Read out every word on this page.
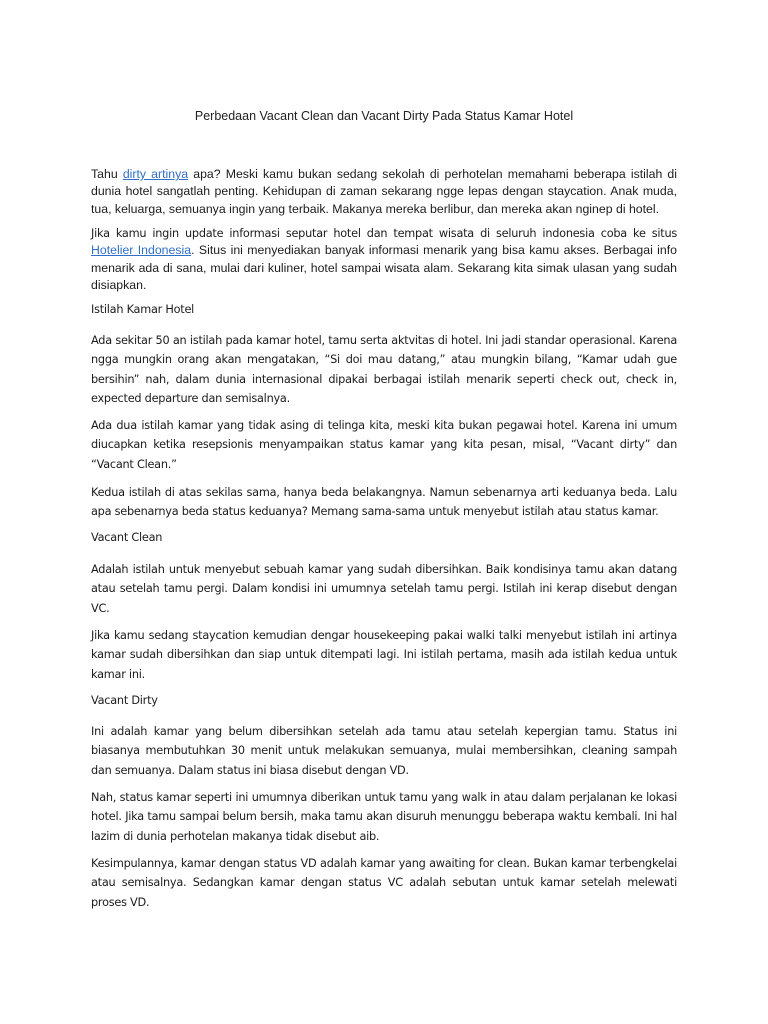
Perbedaan Vacant Clean dan Vacant Dirty Pada Status Kamar Hotel

Tahu dirty artinya apa? Meski kamu bukan sedang sekolah di perhotelan memahami beberapa istilah di dunia hotel sangatlah penting. Kehidupan di zaman sekarang ngge lepas dengan staycation. Anak muda, tua, keluarga, semuanya ingin yang terbaik. Makanya mereka berlibur, dan mereka akan nginep di hotel.

Jika kamu ingin update informasi seputar hotel dan tempat wisata di seluruh indonesia coba ke situs Hotelier Indonesia. Situs ini menyediakan banyak informasi menarik yang bisa kamu akses. Berbagai info menarik ada di sana, mulai dari kuliner, hotel sampai wisata alam. Sekarang kita simak ulasan yang sudah disiapkan.

Istilah Kamar Hotel

Ada sekitar 50 an istilah pada kamar hotel, tamu serta aktvitas di hotel. Ini jadi standar operasional. Karena ngga mungkin orang akan mengatakan, “Si doi mau datang,” atau mungkin bilang, “Kamar udah gue bersihin” nah, dalam dunia internasional dipakai berbagai istilah menarik seperti check out, check in, expected departure dan semisalnya.

Ada dua istilah kamar yang tidak asing di telinga kita, meski kita bukan pegawai hotel. Karena ini umum diucapkan ketika resepsionis menyampaikan status kamar yang kita pesan, misal, “Vacant dirty” dan “Vacant Clean.”

Kedua istilah di atas sekilas sama, hanya beda belakangnya. Namun sebenarnya arti keduanya beda. Lalu apa sebenarnya beda status keduanya? Memang sama-sama untuk menyebut istilah atau status kamar.

Vacant Clean

Adalah istilah untuk menyebut sebuah kamar yang sudah dibersihkan. Baik kondisinya tamu akan datang atau setelah tamu pergi. Dalam kondisi ini umumnya setelah tamu pergi. Istilah ini kerap disebut dengan VC.

Jika kamu sedang staycation kemudian dengar housekeeping pakai walki talki menyebut istilah ini artinya kamar sudah dibersihkan dan siap untuk ditempati lagi. Ini istilah pertama, masih ada istilah kedua untuk kamar ini.

Vacant Dirty

Ini adalah kamar yang belum dibersihkan setelah ada tamu atau setelah kepergian tamu. Status ini biasanya membutuhkan 30 menit untuk melakukan semuanya, mulai membersihkan, cleaning sampah dan semuanya. Dalam status ini biasa disebut dengan VD.

Nah, status kamar seperti ini umumnya diberikan untuk tamu yang walk in atau dalam perjalanan ke lokasi hotel. Jika tamu sampai belum bersih, maka tamu akan disuruh menunggu beberapa waktu kembali. Ini hal lazim di dunia perhotelan makanya tidak disebut aib.

Kesimpulannya, kamar dengan status VD adalah kamar yang awaiting for clean. Bukan kamar terbengkelai atau semisalnya. Sedangkan kamar dengan status VC adalah sebutan untuk kamar setelah melewati proses VD.
